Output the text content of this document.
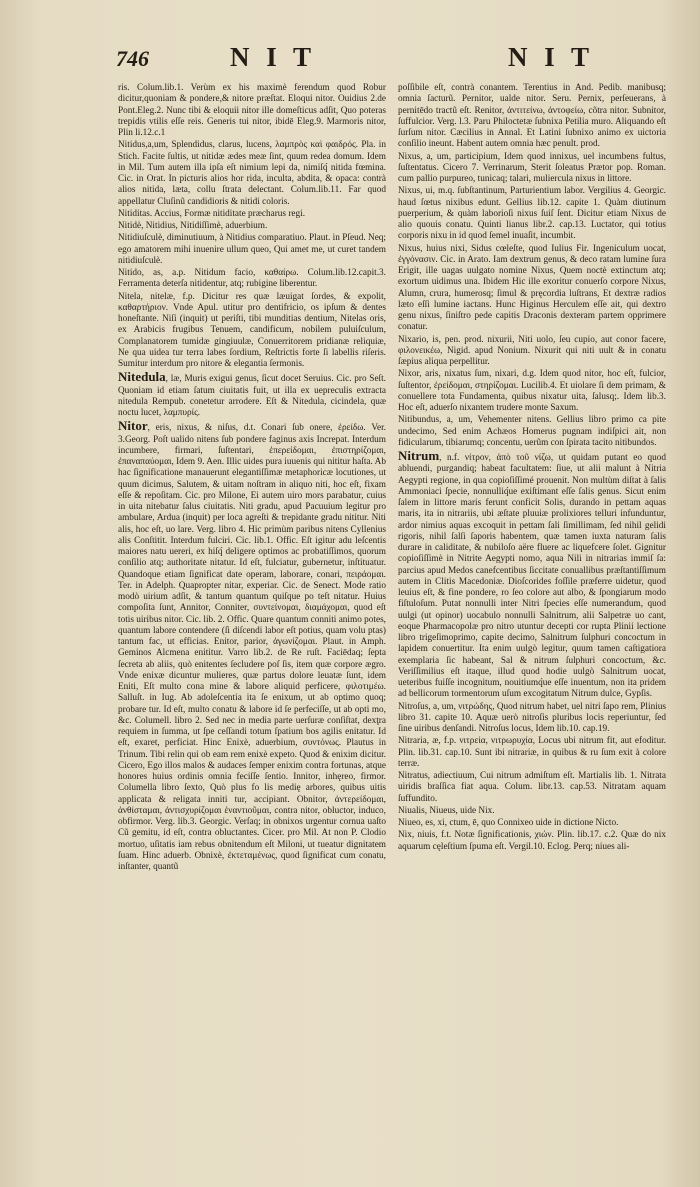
746	N I T	N I T

ris. Colum.lib.1. Verùm ex his maximè ferendum quod Robur dicitur,quoniam & pondere,& nitore præſtat. Eloqui nitor. Ouidius 2.de Pont.Eleg.2. Nunc tibi & eloquii nitor ille domeſticus adſit, Quo poteras trepidis vtilis eſſe reis. Generis tui nitor, ibidē Eleg.9. Marmoris nitor, Plin li.12.c.1

Nitidus,a,um, Splendidus, clarus, lucens, λαμπρὸς καὶ φαιδρός. Pla. in Stich. Facite ſultis, ut nitidæ ædes meæ ſint, quum redea domum. Idem in Mil. Tum autem illa ipſa eſt nimium lepi da, nimiſq́ nitida fœmina. Cic. in Orat. In picturis alios hor rida, inculta, abdita, & opaca: contrà alios nitida, læta, collu ſtrata delectant. Colum.lib.11. Far quod appellatur Cluſinũ candidioris & nitidi coloris.

Nitiditas. Accius, Formæ nitiditate præcharus regi.

Nitidè, Nitidius, Nitidiſſimè, aduerbium.

Nitidiuſculè, diminutiuum, à Nitidius comparatiuo. Plaut. in Pſeud. Neq; ego amatorem mihi inuenire ullum queo, Qui amet me, ut curet tandem nitidiuſculè.

Nitido, as, a.p. Nitidum facio, καθαίρω. Colum.lib.12.capit.3. Ferramenta deterſa nitidentur, atq; rubigine liberentur.

Nitela, nitelæ, f.p. Dicitur res quæ læuigat ſordes, & expolit, καθαρτήριον. Vnde Apul. utitur pro dentifricio, os ipſum & dentes honeſtante. Niſi (inquit) ut periſti, tibi munditias dentium, Nitelas oris, ex Arabicis frugibus Tenuem, candificum, nobilem puluiſculum, Complanatorem tumidæ gingiuulæ, Conuerritorem pridianæ reliquiæ, Ne qua uidea tur terra labes ſordium, Reſtrictis forte ſi labellis riſeris. Sumitur interdum pro nitore & elegantia ſermonis.

Nitedula, læ, Muris exigui genus, ſicut docet Seruius. Cic. pro Seſt. Quoniam id etiam ſatum ciuitatis fuit, ut illa ex uepreculis extracta nitedula Rempub. conetetur arrodere. Eſt & Nitedula, cicindela, quæ noctu lucet, λαμπυρίς.

Nitor, eris, nixus, & niſus, d.t. Conari ſub onere, ἐρείδω. Ver. 3.Georg. Poſt ualido nitens ſub pondere faginus axis Increpat. Interdum incumbere, firmari, ſuſtentari, ἐπερείδομαι, ἐπιστηρίζομαι, ἐπαναπαύομαι, Idem 9. Aen. Illic uides pura iuuenis qui nititur haſta. Ab hac ſignificatione manauerunt elegantiſſimæ metaphoricæ locutiones, ut quum dicimus, Salutem, & uitam noſtram in aliquo niti, hoc eſt, fixam eſſe & repoſitam. Cic. pro Milone, Ei autem uiro mors parabatur, cuius in uita nitebatur ſalus ciuitatis. Niti gradu, apud Pacuuium legitur pro ambulare, Ardua (inquit) per loca agreſti & trepidante gradu nititur. Niti alis, hoc eſt, uo lare. Verg. libro 4. Hic primùm paribus nitens Cyllenius alis Conſtitit. Interdum fulciri. Cic. lib.1. Offic. Eſt igitur adu leſcentis maiores natu uereri, ex hiſq́ deligere optimos ac probatiſſimos, quorum conſilio atq; authoritate nitatur. Id eſt, fulciatur, gubernetur, inſtituatur. Quandoque etiam ſignificat date operam, laborare, conari, πειράομαι. Ter. in Adelph. Quapropter nitar, experiar. Cic. de Senect. Mode ratio modò uirium adſit, & tantum quantum quiſque po teſt nitatur. Huius compoſita ſunt, Annitor, Conniter, συντείνομαι, διαμάχομαι, quod eſt totis uiribus nitor. Cic. lib. 2. Offic. Quare quantum conniti animo potes, quantum labore contendere (ſi diſcendi labor eſt potius, quam volu ptas) tantum fac, ut efficias. Enitor, parior, ἀγωνίζομαι. Plaut. in Amph. Geminos Alcmena enititur. Varro lib.2. de Re ruſt. Faciēdaq; ſepta ſecreta ab aliis, quò enitentes ſecludere poſ ſis, item quæ corpore ægro. Vnde enixæ dicuntur mulieres, quæ partus dolore leuatæ ſunt, idem Eniti, Eſt multo cona mine & labore aliquid perficere, φιλοτιμέω. Salluſt. in Iug. Ab adoleſcentia ita ſe enixum, ut ab optimo quoq; probare tur. Id eſt, multo conatu & labore id ſe perfeciſſe, ut ab opti mo, &c. Columell. libro 2. Sed nec in media parte uerſuræ conſiſtat, dexţra requiem in ſumma, ut ſpe ceſſandi totum ſpatium bos agilis enitatur. Id eſt, exaret, perficiat. Hinc Enixè, aduerbium, συντόνως. Plautus in Trinum. Tibi relin qui ob eam rem enixè expeto. Quod & enixim dicitur. Cicero, Ego illos malos & audaces ſemper enixim contra fortunas, atque honores huius ordinis omnia feciſſe ſentio. Innitor, inhęreo, firmor. Columella libro ſexto, Quò plus fo lis medię arbores, quibus uitis applicata & religata inniti tur, accipiant. Obnitor, ἀντερείδομαι, ἀνθίσταμαι, ἀντισχυρίζομαι ἐναντιοῦμαι, contra nitor, obluctor, induco, obfirmor. Verg. lib.3. Georgic. Verſaq; in obnixos urgentur cornua uaſto Cũ gemitu, id eſt, contra obluctantes. Cicer. pro Mil. At non P. Clodio mortuo, uſitatis iam rebus obnitendum eſt Miloni, ut tueatur dignitatem ſuam. Hinc aduerb. Obnixè, ἐκτεταμένως, quod ſignificat cum conatu, inſtanter, quantũ

poſſibile eſt, contrà conantem. Terentius in And. Pedib. manibusq; omnia ſacturũ. Pernitor, ualde nitor. Seru. Pernix, perſeuerans, à pernitēdo tractũ eſt. Renitor, ἀντιτείνω, ἀντοφείω, cõtra nitor. Subnitor, ſuffulcior. Verg. l.3. Paru Philoctetæ ſubnixa Petilia muro. Aliquando eſt ſurſum nitor. Cæcilius in Annal. Et Latini ſubnixo animo ex uictoria conſilio ineunt. Habent autem omnia hæc penult. prod.

Nixus, a, um, participium, Idem quod innixus, uel incumbens fultus, ſuſtentatus. Cicero 7. Verrinarum, Sterit ſoleatus Prætor pop. Roman. cum pallio purpureo, tunicaq; talari, muliercula nixus in littore.

Nixus, ui, m.q. ſubſtantinum, Parturientium labor. Vergilius 4. Georgic. haud ſœtus nixibus edunt. Gellius lib.12. capite 1. Quàm diutinum puerperium, & quàm laborioſi nixus ſuiſ ſent. Dicitur etiam Nixus de alio quouis conatu. Quinti lianus libr.2. cap.13. Luctator, qui totius corporis nixu in id quod ſemel inuaſit, incumbit.

Nixus, huius nixi, Sidus cœleſte, quod Iulius Fir. Ingeniculum uocat, ἐγγόνασιν. Cic. in Arato. Iam dextrum genus, & deco ratam lumine ſura Erigit, ille uagas uulgato nomine Nixus, Quem noctè extinctum atq; exortum uidimus una. Ibidem Hic ille exoritur conuerſo corpore Nixus, Alumn, crura, humerosq; ſimul & pręcordia luſtrans, Et dextræ radios læto eſſi lumine iactans. Hunc Higinus Herculem eſſe ait, qui dextro genu nixus, ſiniſtro pede capitis Draconis dexteram partem opprimere conatur.

Nixario, is, pen. prod. nixurii, Niti uolo, ſeu cupio, aut conor facere, φιλονεικέω, Nigid. apud Nonium. Nixurit qui niti uult & in conatu ſæpius aliqua perpellitur.

Nixor, aris, nixatus ſum, nixari, d.g. Idem quod nitor, hoc eſt, fulcior, ſuſtentor, ἐρείδομαι, στηρίζομαι. Lucilib.4. Et uiolare ſi dem primam, & conuellere tota Fundamenta, quibus nixatur uita, ſalusq;. Idem lib.3. Hoc eſt, aduerſo nixantem trudere monte Saxum.

Nitibundus, a, um, Vehementer nitens. Gellius libro primo ca pite undecimo, Sed enim Achæos Homerus pugnam indiſpici ait, non fidicularum, tibiarumq; concentu, uerũm con ſpirata tacito nitibundos.

Nitrum, n.f. νίτρον, ἀπὸ τοῦ νίζω, ut quidam putant eo quod abluendi, purgandiq; habeat facultatem: ſiue, ut alii malunt à Nitria Aegypti regione, in qua copioſiſſimé prouenit. Non multùm diſtat à ſalis Ammoniaci ſpecie, nonnulliq́ue exiſtimant eſſe ſalis genus. Sicut enim ſalem in littore maris ferunt conficit Solis, durando in pettam aquas maris, ita in nitrariis, ubi æſtate pluuiæ prolixiores telluri infunduntur, ardor nimius aquas excoquit in pettam ſali ſimillimam, ſed nihil gelidi rigoris, nihil ſalſi ſaporis habentem, quæ tamen iuxta naturam ſalis durare in caliditate, & nubiloſo aëre fluere ac liquefcere ſolet. Gignitur copioſiſſimè in Nitrite Aegypti nomo, aqua Nili in nitrarias immiſ ſa: parcius apud Medos canefcentibus ſiccitate conuallibus præſtantiſſimum autem in Clitis Macedoniæ. Dioſcorides foſſile præferre uidetur, quod leuius eſt, & fine pondere, ro ſeo colore aut albo, & ſpongiarum modo fiſtuloſum. Putat nonnulli inter Nitri ſpecies eſſe numerandum, quod uulgi (ut opinor) uocabulo nonnulli Salnitrum, alii Salpetræ uo cant, eoque Pharmacopolæ pro nitro utuntur decepti cor rupta Plinii lectione libro trigeſimoprimo, capite decimo, Salnitrum ſulphuri concoctum in lapidem conuertitur. Ita enim uulgò legitur, quum tamen caſtigatiora exemplaria ſic habeant, Sal & nitrum ſulphuri concoctum, &c. Veriſſimilius eſt itaque, illud quod hodie uulgò Salnitrum uocat, ueteribus fuiſſe incognitum, nouitiumq́ue eſſe inuentum, non ita pridem ad bellicorum tormentorum uſum excogitatum Nitrum dulce, Gypſis.

Nitroſus, a, um, νιτρώδης, Quod nitrum habet, uel nitri ſapo rem, Plinius libro 31. capite 10. Aquæ uerò nitroſis pluribus locis reperiuntur, ſed ſine uiribus denſandi. Nitroſus locus, Idem lib.10. cap.19.

Nitraria, æ, f.p. νιτρεία, νιτρωρυχία, Locus ubi nitrum fit, aut efoditur. Plin. lib.31. cap.10. Sunt ibi nitrariæ, in quibus & ru ſum exit à colore terræ.

Nitratus, adiectiuum, Cui nitrum admiſtum eſt. Martialis lib. 1. Nitrata uiridis braſſica fiat aqua. Colum. libr.13. cap.53. Nitratam aquam ſuffundito.

Niualis, Niueus, uide Nix.

Niueo, es, xi, ctum, ē, quo Connixeo uide in dictione Nicto.

Nix, niuis, f.t. Notæ ſignificationis, χιών. Plin. lib.17. c.2. Quæ do nix aquarum cęleſtium ſpuma eſt. Vergil.10. Eclog. Perq; niues ali-
